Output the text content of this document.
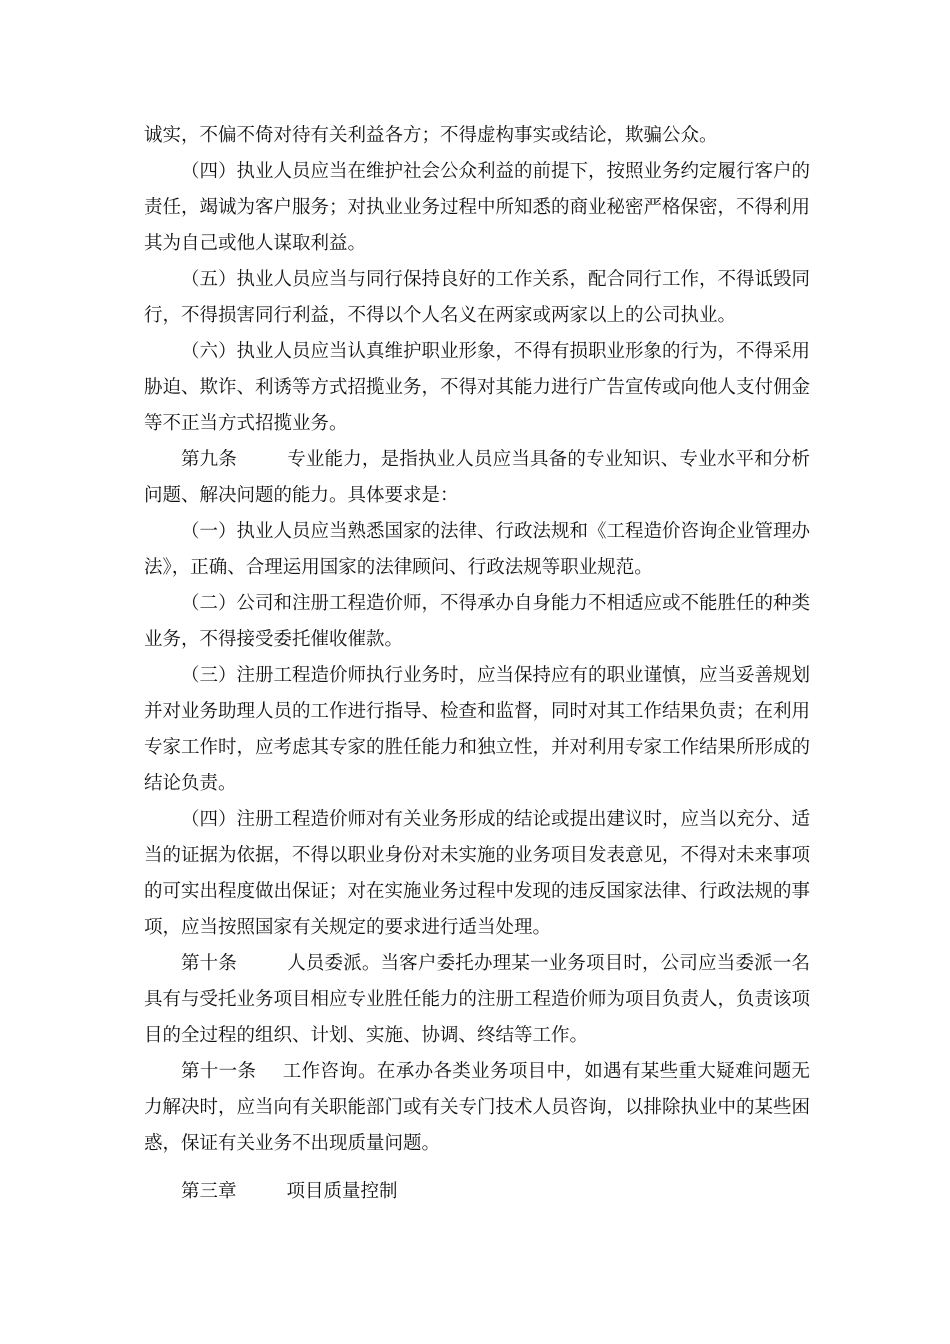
诚实，不偏不倚对待有关利益各方；不得虚构事实或结论，欺骗公众。

（四）执业人员应当在维护社会公众利益的前提下，按照业务约定履行客户的责任，竭诚为客户服务；对执业业务过程中所知悉的商业秘密严格保密，不得利用其为自己或他人谋取利益。

（五）执业人员应当与同行保持良好的工作关系，配合同行工作，不得诋毁同行，不得损害同行利益，不得以个人名义在两家或两家以上的公司执业。

（六）执业人员应当认真维护职业形象，不得有损职业形象的行为，不得采用胁迫、欺诈、利诱等方式招揽业务，不得对其能力进行广告宣传或向他人支付佣金等不正当方式招揽业务。

第九条	专业能力，是指执业人员应当具备的专业知识、专业水平和分析问题、解决问题的能力。具体要求是：

（一）执业人员应当熟悉国家的法律、行政法规和《工程造价咨询企业管理办法》，正确、合理运用国家的法律顾问、行政法规等职业规范。

（二）公司和注册工程造价师，不得承办自身能力不相适应或不能胜任的种类业务，不得接受委托催收催款。

（三）注册工程造价师执行业务时，应当保持应有的职业谨慎，应当妥善规划并对业务助理人员的工作进行指导、检查和监督，同时对其工作结果负责；在利用专家工作时，应考虑其专家的胜任能力和独立性，并对利用专家工作结果所形成的结论负责。

（四）注册工程造价师对有关业务形成的结论或提出建议时，应当以充分、适当的证据为依据，不得以职业身份对未实施的业务项目发表意见，不得对未来事项的可实出程度做出保证；对在实施业务过程中发现的违反国家法律、行政法规的事项，应当按照国家有关规定的要求进行适当处理。

第十条	人员委派。当客户委托办理某一业务项目时，公司应当委派一名具有与受托业务项目相应专业胜任能力的注册工程造价师为项目负责人，负责该项目的全过程的组织、计划、实施、协调、终结等工作。

第十一条 工作咨询。在承办各类业务项目中，如遇有某些重大疑难问题无力解决时，应当向有关职能部门或有关专门技术人员咨询，以排除执业中的某些困惑，保证有关业务不出现质量问题。

第三章	项目质量控制
